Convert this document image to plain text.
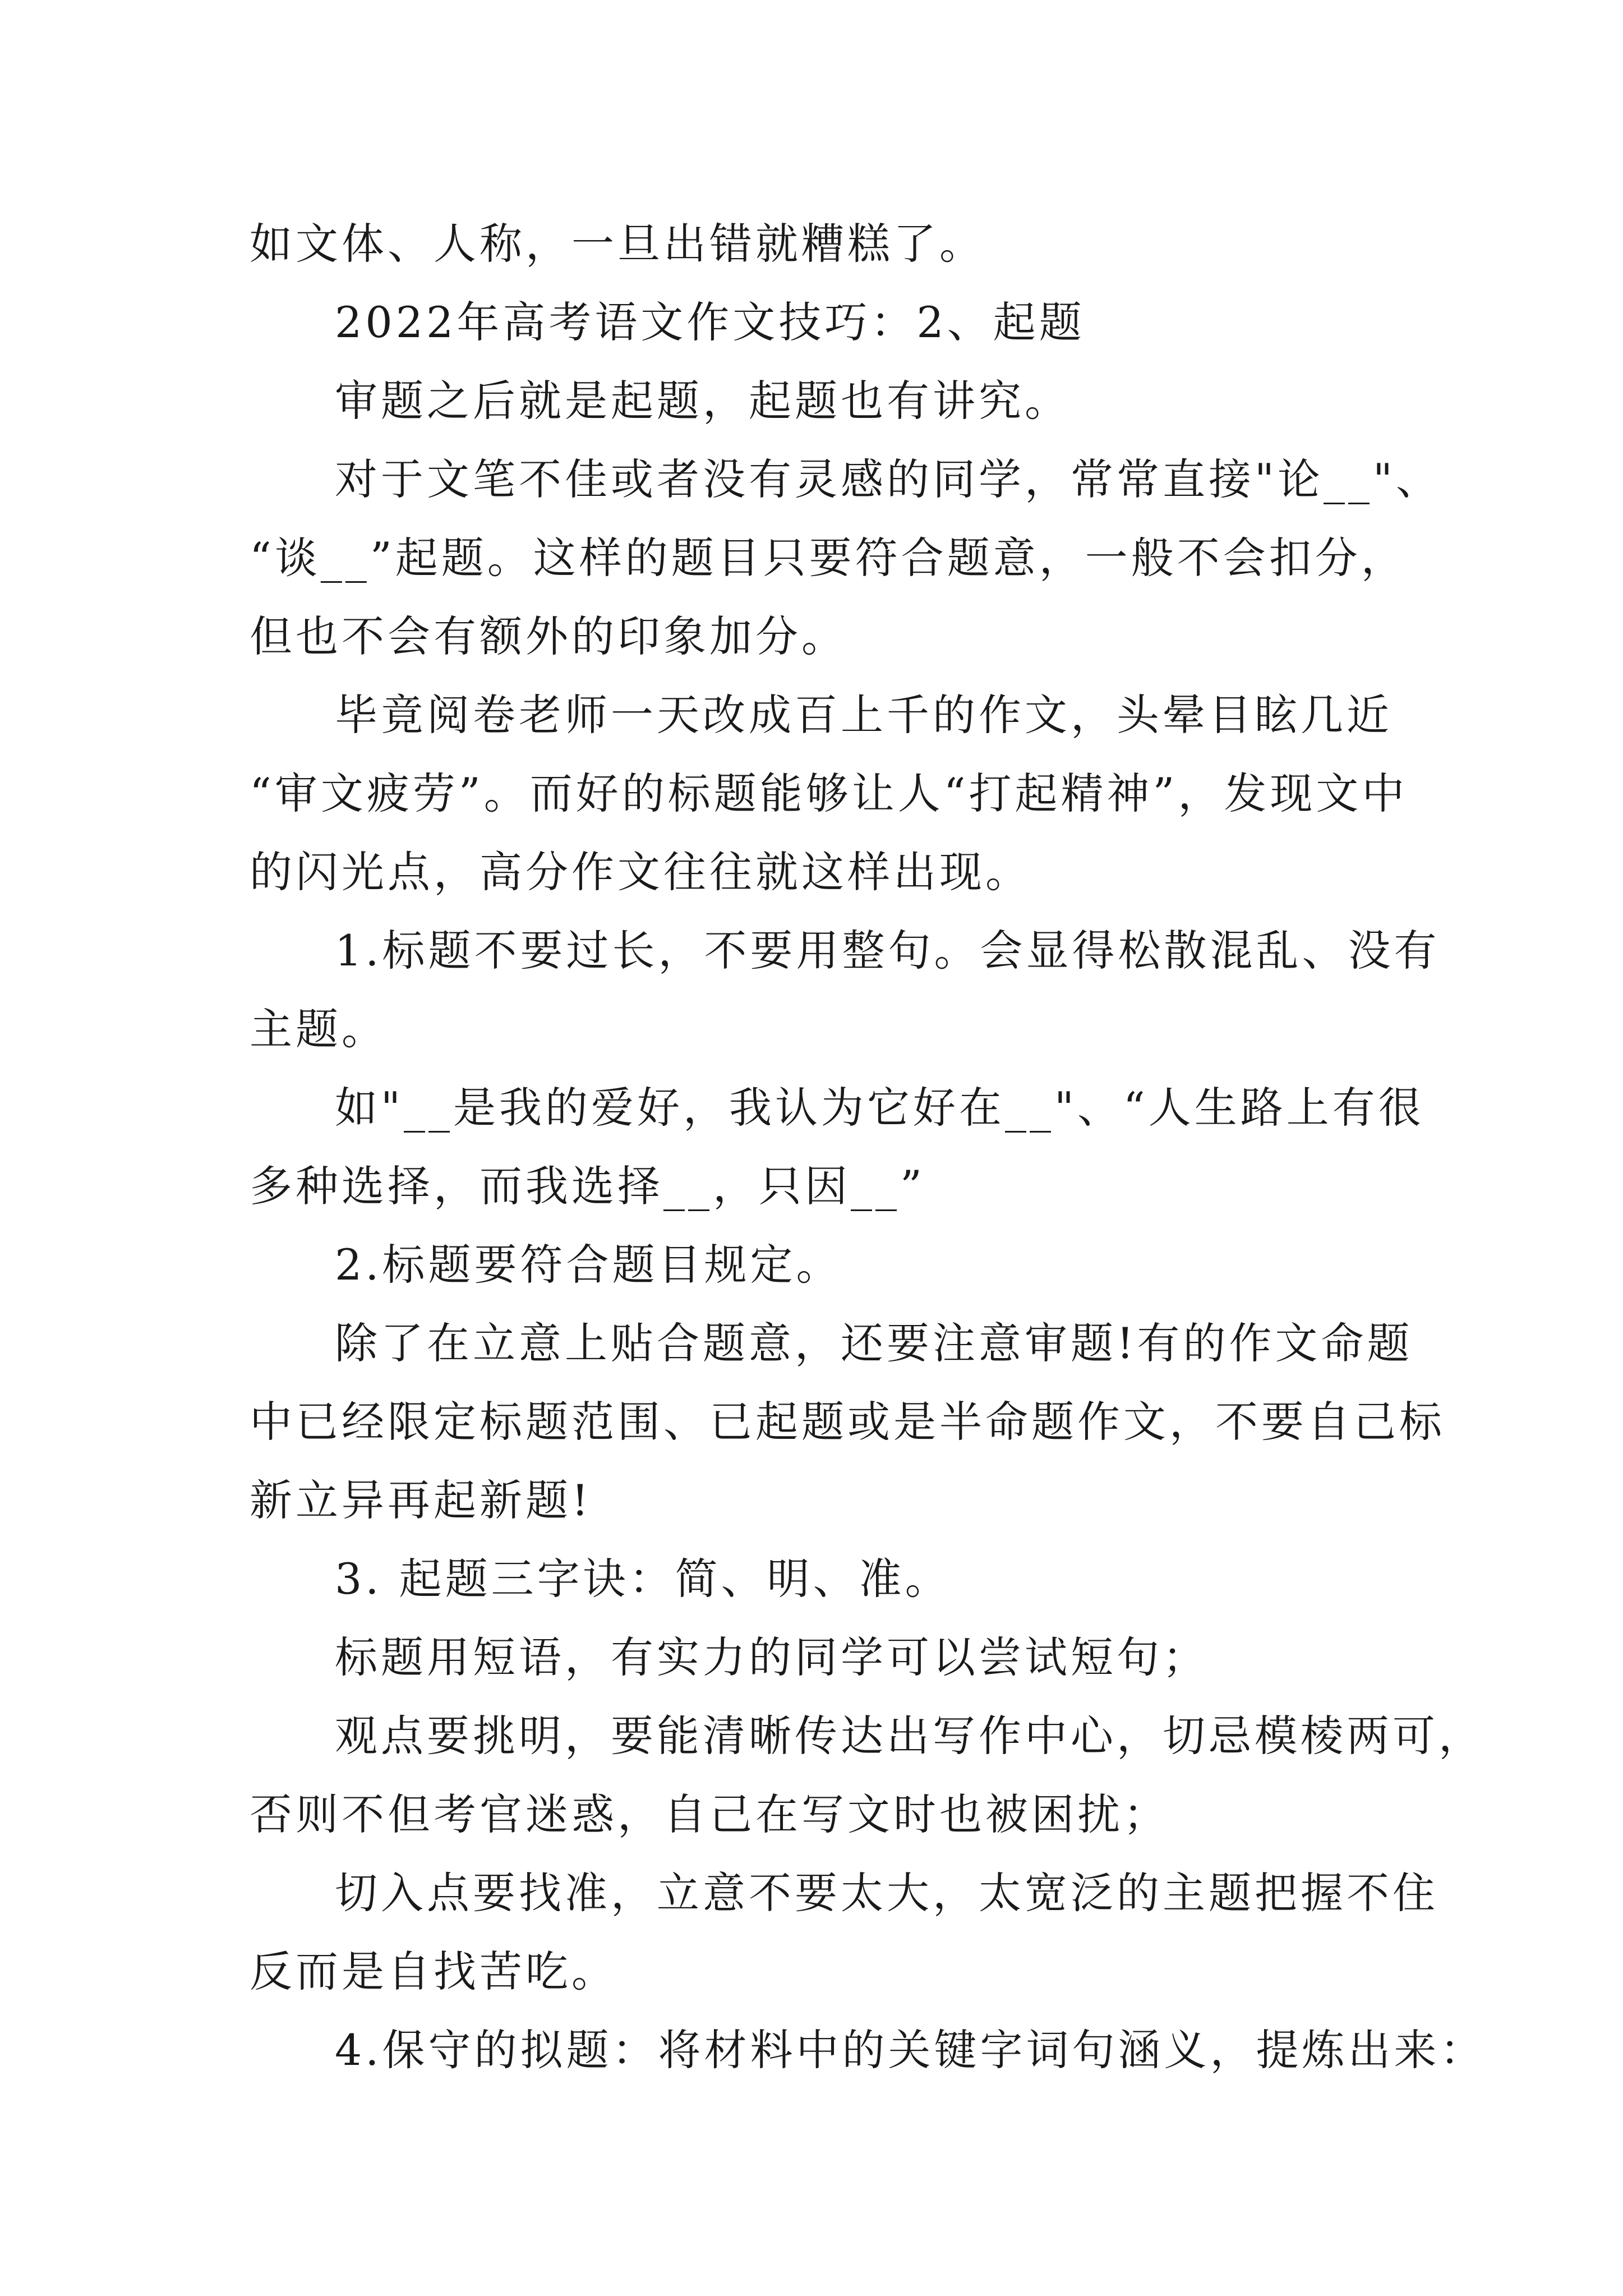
如文体、人称，一旦出错就糟糕了。
2022年高考语文作文技巧：2、起题
审题之后就是起题，起题也有讲究。
对于文笔不佳或者没有灵感的同学，常常直接"论__"、
“谈__”起题。这样的题目只要符合题意，一般不会扣分，
但也不会有额外的印象加分。
毕竟阅卷老师一天改成百上千的作文，头晕目眩几近
“审文疲劳”。而好的标题能够让人“打起精神”，发现文中
的闪光点，高分作文往往就这样出现。
1.标题不要过长，不要用整句。会显得松散混乱、没有
主题。
如"__是我的爱好，我认为它好在__"、“人生路上有很
多种选择，而我选择__，只因__”
2.标题要符合题目规定。
除了在立意上贴合题意，还要注意审题!有的作文命题
中已经限定标题范围、已起题或是半命题作文，不要自己标
新立异再起新题!
3. 起题三字诀：简、明、准。
标题用短语，有实力的同学可以尝试短句；
观点要挑明，要能清晰传达出写作中心，切忌模棱两可，
否则不但考官迷惑，自己在写文时也被困扰；
切入点要找准，立意不要太大，太宽泛的主题把握不住
反而是自找苦吃。
4.保守的拟题：将材料中的关键字词句涵义，提炼出来：
